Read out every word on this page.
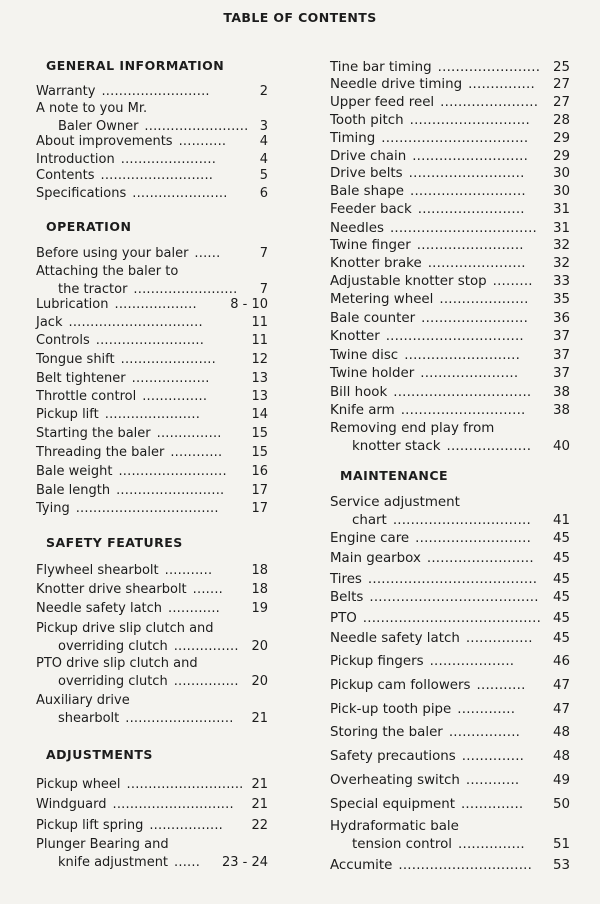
TABLE OF CONTENTS
GENERAL INFORMATION
Warranty .........................	2
A note to you Mr.
Baler Owner ........................ 3
About improvements ...........	4
Introduction ......................	4
Contents ..........................	5
Specifications ...................... 6
OPERATION
Before using your baler ......	7
Attaching the baler to
the tractor ........................ 7
Lubrication ...................	8 - 10
Jack ...............................	11
Controls .........................	11
Tongue shift ......................	12
Belt tightener ..................	13
Throttle control ...............	13
Pickup lift ......................	14
Starting the baler ............... 15
Threading the baler ............ 15
Bale weight ......................... 16
Bale length ......................... 17
Tying .................................	17
SAFETY FEATURES
Flywheel shearbolt ...........	18
Knotter drive shearbolt ....... 18
Needle safety latch ............ 19
Pickup drive slip clutch and
overriding clutch ............... 20
PTO drive slip clutch and
overriding clutch ............... 20
Auxiliary drive
shearbolt ......................... 21
ADJUSTMENTS
Pickup wheel ........................... 21
Windguard ............................ 21
Pickup lift spring ................. 22
Plunger Bearing and
knife adjustment ...... 23 - 24
Tine bar timing ....................... 25
Needle drive timing ............... 27
Upper feed reel ...................... 27
Tooth pitch ........................... 28
Timing ................................. 29
Drive chain .......................... 29
Drive belts .......................... 30
Bale shape .......................... 30
Feeder back ........................ 31
Needles ................................. 31
Twine finger ........................ 32
Knotter brake ...................... 32
Adjustable knotter stop ......... 33
Metering wheel .................... 35
Bale counter ........................ 36
Knotter ............................... 37
Twine disc .......................... 37
Twine holder ......................	37
Bill hook ............................... 38
Knife arm ............................ 38
Removing end play from
knotter stack ................... 40
MAINTENANCE
Service adjustment
chart ............................... 41
Engine care .......................... 45
Main gearbox ........................ 45
Tires ...................................... 45
Belts ...................................... 45
PTO ........................................ 45
Needle safety latch ............... 45
Pickup fingers ...................	46
Pickup cam followers ........... 47
Pick-up tooth pipe .............	47
Storing the baler ................ 48
Safety precautions .............. 48
Overheating switch ............	49
Special equipment .............. 50
Hydraformatic bale
tension control ............... 51
Accumite .............................. 53
